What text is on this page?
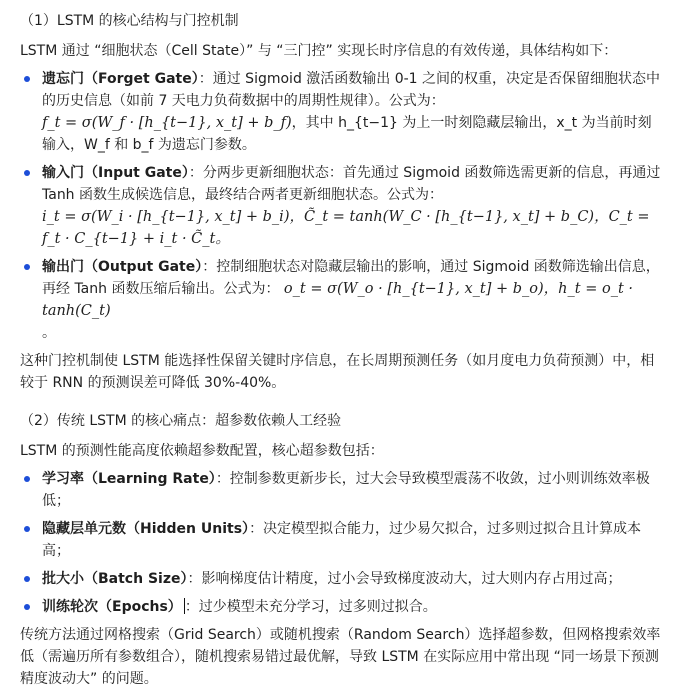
（1）LSTM 的核心结构与门控机制

LSTM 通过 “细胞状态（Cell State）” 与 “三门控” 实现长时序信息的有效传递，具体结构如下：

遗忘门（Forget Gate）：通过 Sigmoid 激活函数输出 0-1 之间的权重，决定是否保留细胞状态中的历史信息（如前 7 天电力负荷数据中的周期性规律）。公式为：
f_t = σ(W_f · [h_{t−1}, x_t] + b_f)，其中 h_{t−1} 为上一时刻隐藏层输出，x_t 为当前时刻输入，W_f 和 b_f 为遗忘门参数。
输入门（Input Gate）：分两步更新细胞状态：首先通过 Sigmoid 函数筛选需更新的信息，再通过 Tanh 函数生成候选信息，最终结合两者更新细胞状态。公式为：
i_t = σ(W_i · [h_{t−1}, x_t] + b_i)，C̃_t = tanh(W_C · [h_{t−1}, x_t] + b_C)，C_t = f_t · C_{t−1} + i_t · C̃_t。
输出门（Output Gate）：控制细胞状态对隐藏层输出的影响，通过 Sigmoid 函数筛选输出信息，再经 Tanh 函数压缩后输出。公式为： o_t = σ(W_o · [h_{t−1}, x_t] + b_o)，h_t = o_t · tanh(C_t)
。

这种门控机制使 LSTM 能选择性保留关键时序信息，在长周期预测任务（如月度电力负荷预测）中，相较于 RNN 的预测误差可降低 30%-40%。

（2）传统 LSTM 的核心痛点：超参数依赖人工经验

LSTM 的预测性能高度依赖超参数配置，核心超参数包括：

学习率（Learning Rate）：控制参数更新步长，过大会导致模型震荡不收敛，过小则训练效率极低；
隐藏层单元数（Hidden Units）：决定模型拟合能力，过少易欠拟合，过多则过拟合且计算成本高；
批大小（Batch Size）：影响梯度估计精度，过小会导致梯度波动大，过大则内存占用过高；
训练轮次（Epochs） ：过少模型未充分学习，过多则过拟合。

传统方法通过网格搜索（Grid Search）或随机搜索（Random Search）选择超参数，但网格搜索效率低（需遍历所有参数组合），随机搜索易错过最优解，导致 LSTM 在实际应用中常出现 “同一场景下预测精度波动大” 的问题。
